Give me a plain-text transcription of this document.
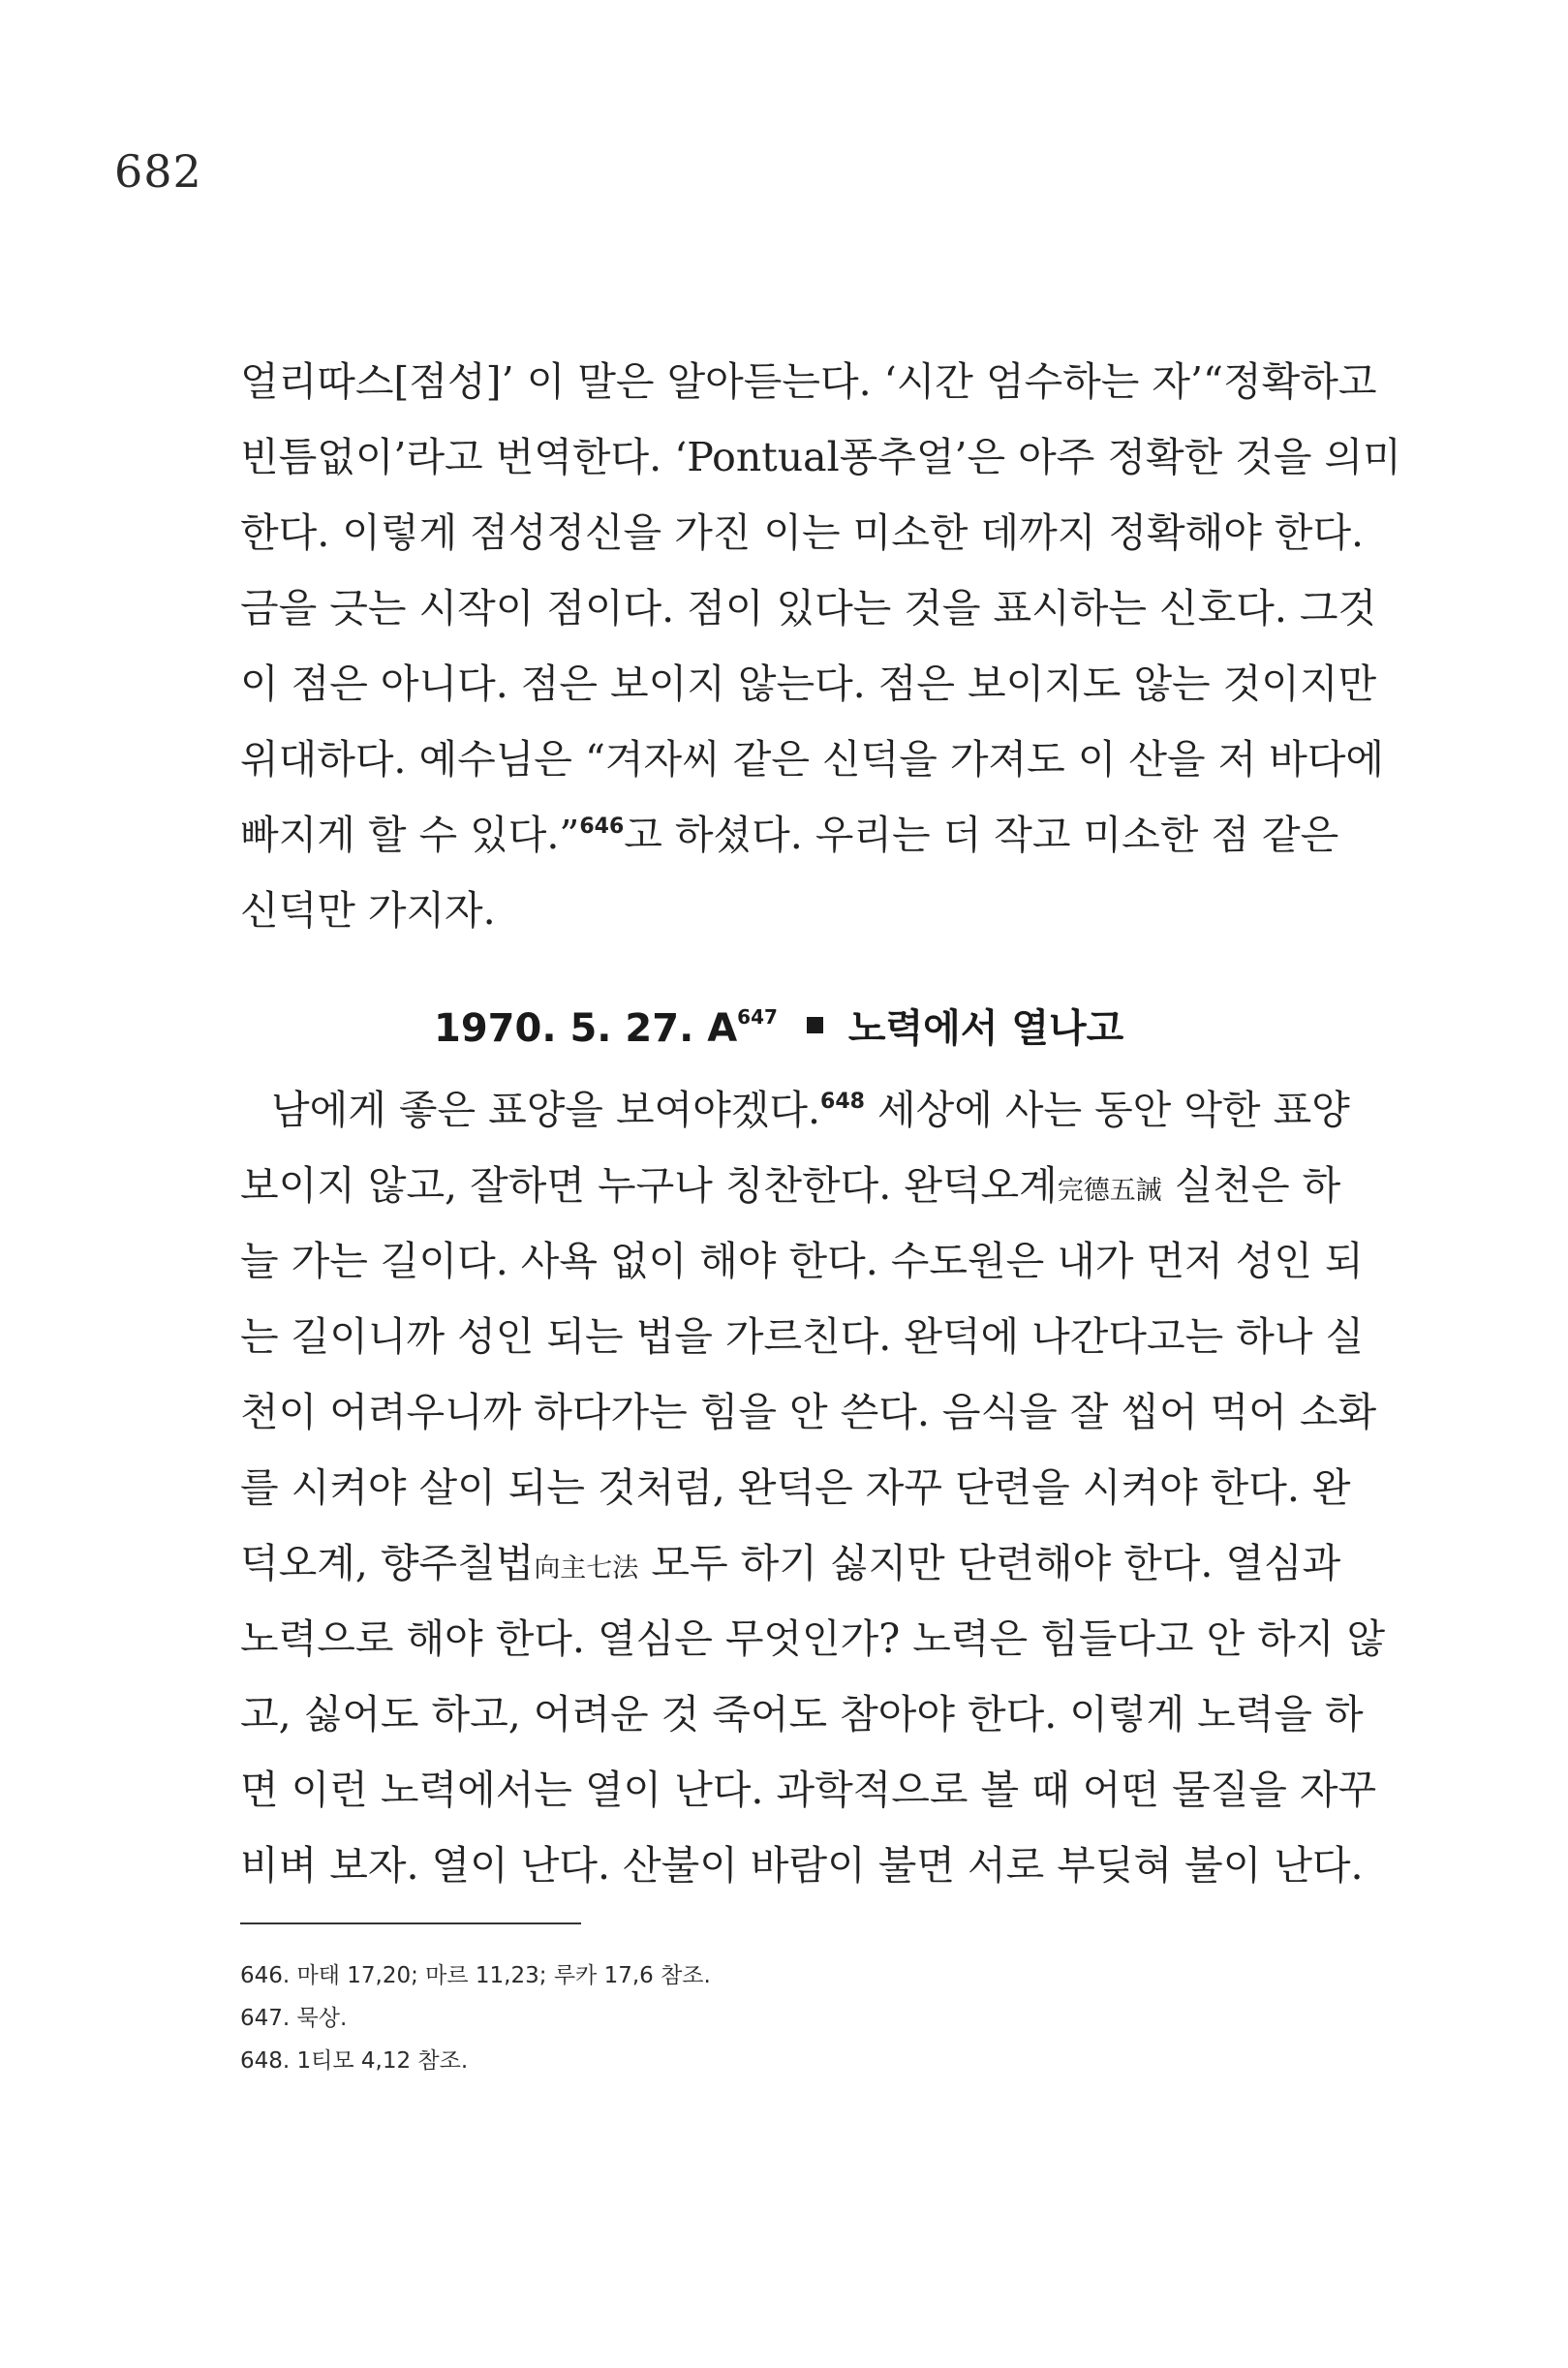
682
얼리따스[점성]’ 이 말은 알아듣는다. ‘시간 엄수하는 자’“정확하고
빈틈없이’라고 번역한다. ‘Pontual퐁추얼’은 아주 정확한 것을 의미
한다. 이렇게 점성정신을 가진 이는 미소한 데까지 정확해야 한다.
금을 긋는 시작이 점이다. 점이 있다는 것을 표시하는 신호다. 그것
이 점은 아니다. 점은 보이지 않는다. 점은 보이지도 않는 것이지만
위대하다. 예수님은 “겨자씨 같은 신덕을 가져도 이 산을 저 바다에
빠지게 할 수 있다.”$^{646}$고 하셨다. 우리는 더 작고 미소한 점 같은
신덕만 가지자.
1970. 5. 27. A$^{647}$ 노력에서 열나고
남에게 좋은 표양을 보여야겠다.$^{648}$ 세상에 사는 동안 악한 표양
보이지 않고, 잘하면 누구나 칭찬한다. 완덕오계完德五誡 실천은 하
늘 가는 길이다. 사욕 없이 해야 한다. 수도원은 내가 먼저 성인 되
는 길이니까 성인 되는 법을 가르친다. 완덕에 나간다고는 하나 실
천이 어려우니까 하다가는 힘을 안 쓴다. 음식을 잘 씹어 먹어 소화
를 시켜야 살이 되는 것처럼, 완덕은 자꾸 단련을 시켜야 한다. 완
덕오계, 향주칠법向主七法 모두 하기 싫지만 단련해야 한다. 열심과
노력으로 해야 한다. 열심은 무엇인가? 노력은 힘들다고 안 하지 않
고, 싫어도 하고, 어려운 것 죽어도 참아야 한다. 이렇게 노력을 하
면 이런 노력에서는 열이 난다. 과학적으로 볼 때 어떤 물질을 자꾸
비벼 보자. 열이 난다. 산불이 바람이 불면 서로 부딪혀 불이 난다.
646. 마태 17,20; 마르 11,23; 루카 17,6 참조.
647. 묵상.
648. 1티모 4,12 참조.
